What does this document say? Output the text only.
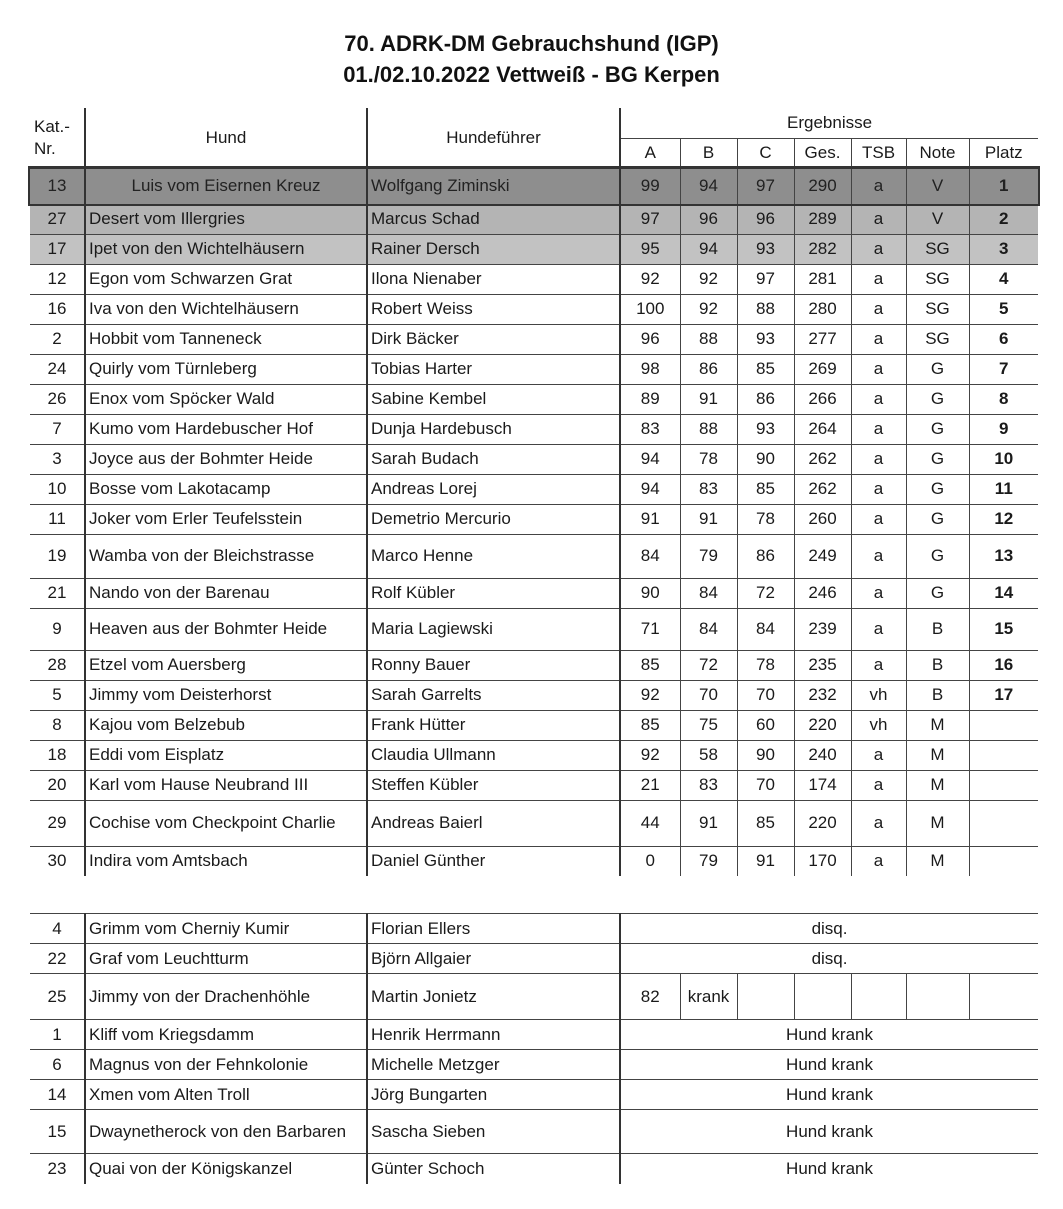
70. ADRK-DM Gebrauchshund (IGP)
01./02.10.2022 Vettweiß - BG Kerpen
Kat.-
Nr.	Hund	Hundeführer	Ergebnisse						
			A	B	C	Ges.	TSB	Note	Platz
13	Luis vom Eisernen Kreuz	Wolfgang Ziminski	99	94	97	290	a	V	1
27	Desert vom Illergries	Marcus Schad	97	96	96	289	a	V	2
17	Ipet von den Wichtelhäusern	Rainer Dersch	95	94	93	282	a	SG	3
12	Egon vom Schwarzen Grat	Ilona Nienaber	92	92	97	281	a	SG	4
16	Iva von den Wichtelhäusern	Robert Weiss	100	92	88	280	a	SG	5
2	Hobbit vom Tanneneck	Dirk Bäcker	96	88	93	277	a	SG	6
24	Quirly vom Türnleberg	Tobias Harter	98	86	85	269	a	G	7
26	Enox vom Spöcker Wald	Sabine Kembel	89	91	86	266	a	G	8
7	Kumo vom Hardebuscher Hof	Dunja Hardebusch	83	88	93	264	a	G	9
3	Joyce aus der Bohmter Heide	Sarah Budach	94	78	90	262	a	G	10
10	Bosse vom Lakotacamp	Andreas Lorej	94	83	85	262	a	G	11
11	Joker vom Erler Teufelsstein	Demetrio Mercurio	91	91	78	260	a	G	12
19	Wamba von der Bleichstrasse	Marco Henne	84	79	86	249	a	G	13
21	Nando von der Barenau	Rolf Kübler	90	84	72	246	a	G	14
9	Heaven aus der Bohmter Heide	Maria Lagiewski	71	84	84	239	a	B	15
28	Etzel vom Auersberg	Ronny Bauer	85	72	78	235	a	B	16
5	Jimmy vom Deisterhorst	Sarah Garrelts	92	70	70	232	vh	B	17
8	Kajou vom Belzebub	Frank Hütter	85	75	60	220	vh	M	
18	Eddi vom Eisplatz	Claudia Ullmann	92	58	90	240	a	M	
20	Karl vom Hause Neubrand III	Steffen Kübler	21	83	70	174	a	M	
29	Cochise vom Checkpoint Charlie	Andreas Baierl	44	91	85	220	a	M	
30	Indira vom Amtsbach	Daniel Günther	0	79	91	170	a	M	
4	Grimm vom Cherniy Kumir	Florian Ellers	disq.						
22	Graf vom Leuchtturm	Björn Allgaier	disq.						
25	Jimmy von der Drachenhöhle	Martin Jonietz	82	krank					
1	Kliff vom Kriegsdamm	Henrik Herrmann	Hund krank						
6	Magnus von der Fehnkolonie	Michelle Metzger	Hund krank						
14	Xmen vom Alten Troll	Jörg Bungarten	Hund krank						
15	Dwaynetherock von den Barbaren	Sascha Sieben	Hund krank						
23	Quai von der Königskanzel	Günter Schoch	Hund krank						
